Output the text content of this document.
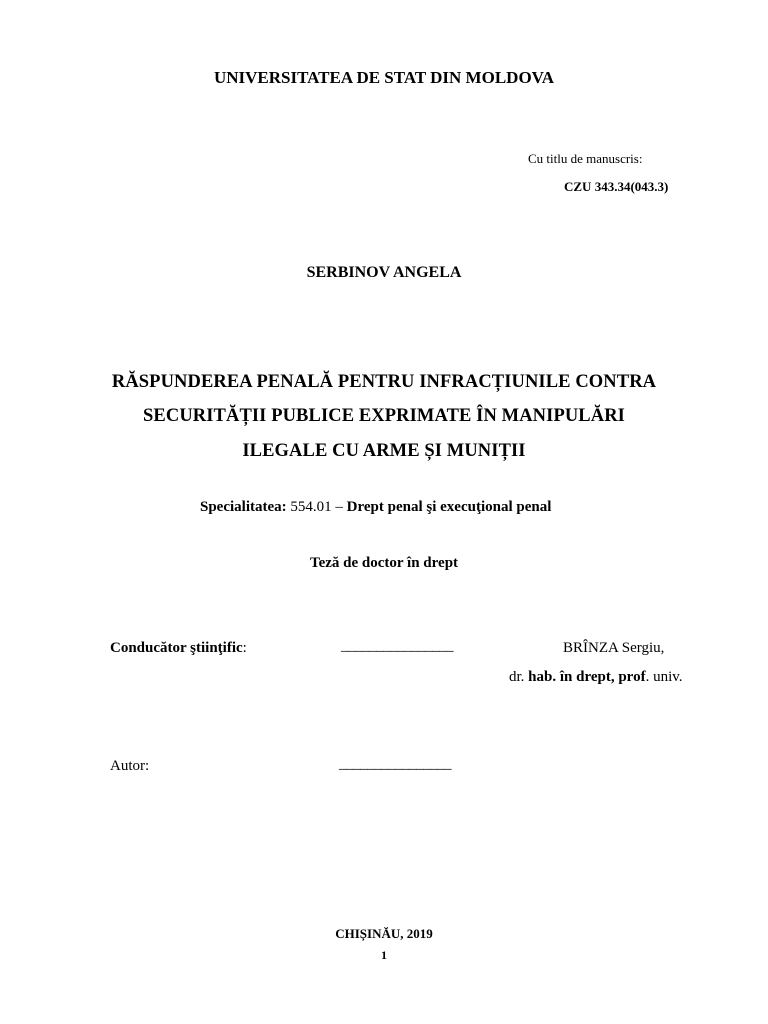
UNIVERSITATEA DE STAT DIN MOLDOVA
Cu titlu de manuscris:
CZU 343.34(043.3)
SERBINOV ANGELA
RĂSPUNDEREA PENALĂ PENTRU INFRACȚIUNILE CONTRA
SECURITĂȚII PUBLICE EXPRIMATE ÎN MANIPULĂRI
ILEGALE CU ARME ȘI MUNIȚII
Specialitatea: 554.01 – Drept penal şi execuţional penal
Teză de doctor în drept
Conducător ştiinţific:	________________	BRÎNZA Sergiu,
dr. hab. în drept, prof. univ.
Autor:	________________
CHIȘINĂU, 2019
1
